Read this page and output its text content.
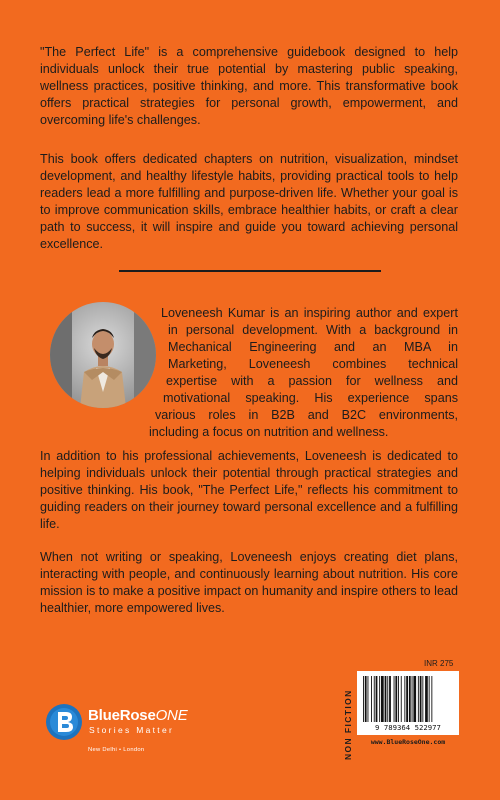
"The Perfect Life" is a comprehensive guidebook designed to help individuals unlock their true potential by mastering public speaking, wellness practices, positive thinking, and more. This transformative book offers practical strategies for personal growth, empowerment, and overcoming life's challenges.

This book offers dedicated chapters on nutrition, visualization, mindset development, and healthy lifestyle habits, providing practical tools to help readers lead a more fulfilling and purpose-driven life. Whether your goal is to improve communication skills, embrace healthier habits, or craft a clear path to success, it will inspire and guide you toward achieving personal excellence.

Loveneesh Kumar is an inspiring author and expert

in personal development. With a background in

Mechanical Engineering and an MBA in

Marketing, Loveneesh combines technical

expertise with a passion for wellness and

motivational speaking. His experience spans

various roles in B2B and B2C environments,

including a focus on nutrition and wellness.

In addition to his professional achievements, Loveneesh is dedicated to helping individuals unlock their potential through practical strategies and positive thinking. His book, "The Perfect Life," reflects his commitment to guiding readers on their journey toward personal excellence and a fulfilling life.

When not writing or speaking, Loveneesh enjoys creating diet plans, interacting with people, and continuously learning about nutrition. His core mission is to make a positive impact on humanity and inspire others to lead healthier, more empowered lives.

BlueRoseONE
Stories Matter
New Delhi • London
INR 275
NON FICTION	9 789364 522977
www.BlueRoseOne.com
